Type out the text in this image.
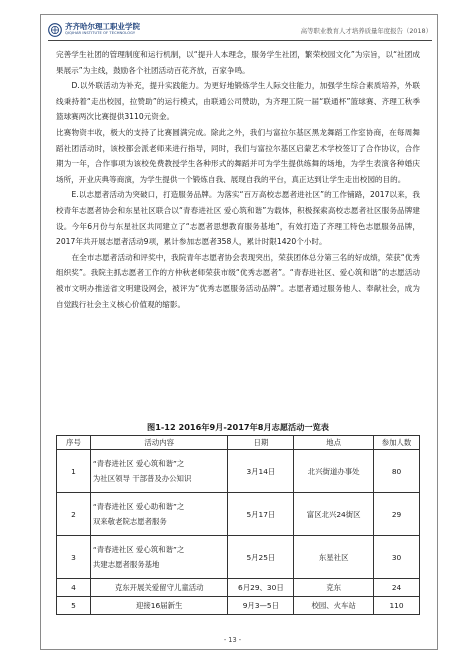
齐齐哈尔理工职业学院
QIQIHAR INSTITUTE OF TECHNOLOGY	高等职业教育人才培养质量年度报告（2018）

完善学生社团的管理制度和运行机制，以“提升人本理念，服务学生社团，繁荣校园文化”为宗旨，以“社团成果展示”为主线，鼓励各个社团活动百花齐放，百家争鸣。

D.以外联活动为补充，提升实践能力。为更好地锻炼学生人际交往能力，加强学生综合素质培养，外联线秉持着“走出校园，拉赞助”的运行模式，由联通公司赞助，为齐理工院一届“联通杯”篮球赛、齐理工秋季篮球赛两次比赛提供3110元资金。

比赛物资丰收，极大的支持了比赛圆满完成。除此之外，我们与富拉尔基区黑龙舞蹈工作室协商，在每周舞蹈社团活动时，该校都会派老师来进行指导，同时，我们与富拉尔基区启蒙艺术学校签订了合作协议，合作期为一年，合作事项为该校免费教授学生各种形式的舞蹈并可为学生提供练舞的场地，为学生表演各种婚庆场所，开业庆典等商演，为学生提供一个锻炼自我、展现自我的平台，真正达到让学生走出校园的目的。

E.以志愿者活动为突破口，打造服务品牌。为落实“百万高校志愿者进社区”的工作铺路，2017以来，我校青年志愿者协会和东星社区联合以“青春进社区 爱心筑和谐”为载体，积极探索高校志愿者社区服务品牌建设。今年6月份与东星社区共同建立了“志愿者思想教育服务基地”，有效打造了齐理工特色志愿服务品牌，2017年共开展志愿者活动9项，累计参加志愿者358人，累计时限1420个小时。

在全市志愿者活动和评奖中，我院青年志愿者协会表现突出，荣获团体总分第三名的好成绩，荣获“优秀组织奖”。我院主抓志愿者工作的方仲秋老师荣获市级“优秀志愿者”。“青春进社区、爱心筑和谐”的志愿活动被市文明办推送省文明建设网会，被评为“优秀志愿服务活动品牌”。志愿者通过服务他人、奉献社会，成为自觉践行社会主义核心价值观的缩影。

图1-12 2016年9月-2017年8月志愿活动一览表
序号	活动内容	日期	地点	参加人数
1	“青春进社区 爱心筑和谐”之
为社区领导 干部普及办公知识	3月14日	北兴街道办事处	80
2	“青春进社区 爱心助和谐”之
双来敬老院志愿者服务	5月17日	富区北兴24街区	29
3	“青春进社区 爱心筑和谐”之
共建志愿者服务基地	5月25日	东星社区	30
4	克东开展关爱留守儿童活动	6月29、30日	克东	24
5	迎接16届新生	9月3—5日	校园、火车站	110
- 13 -
